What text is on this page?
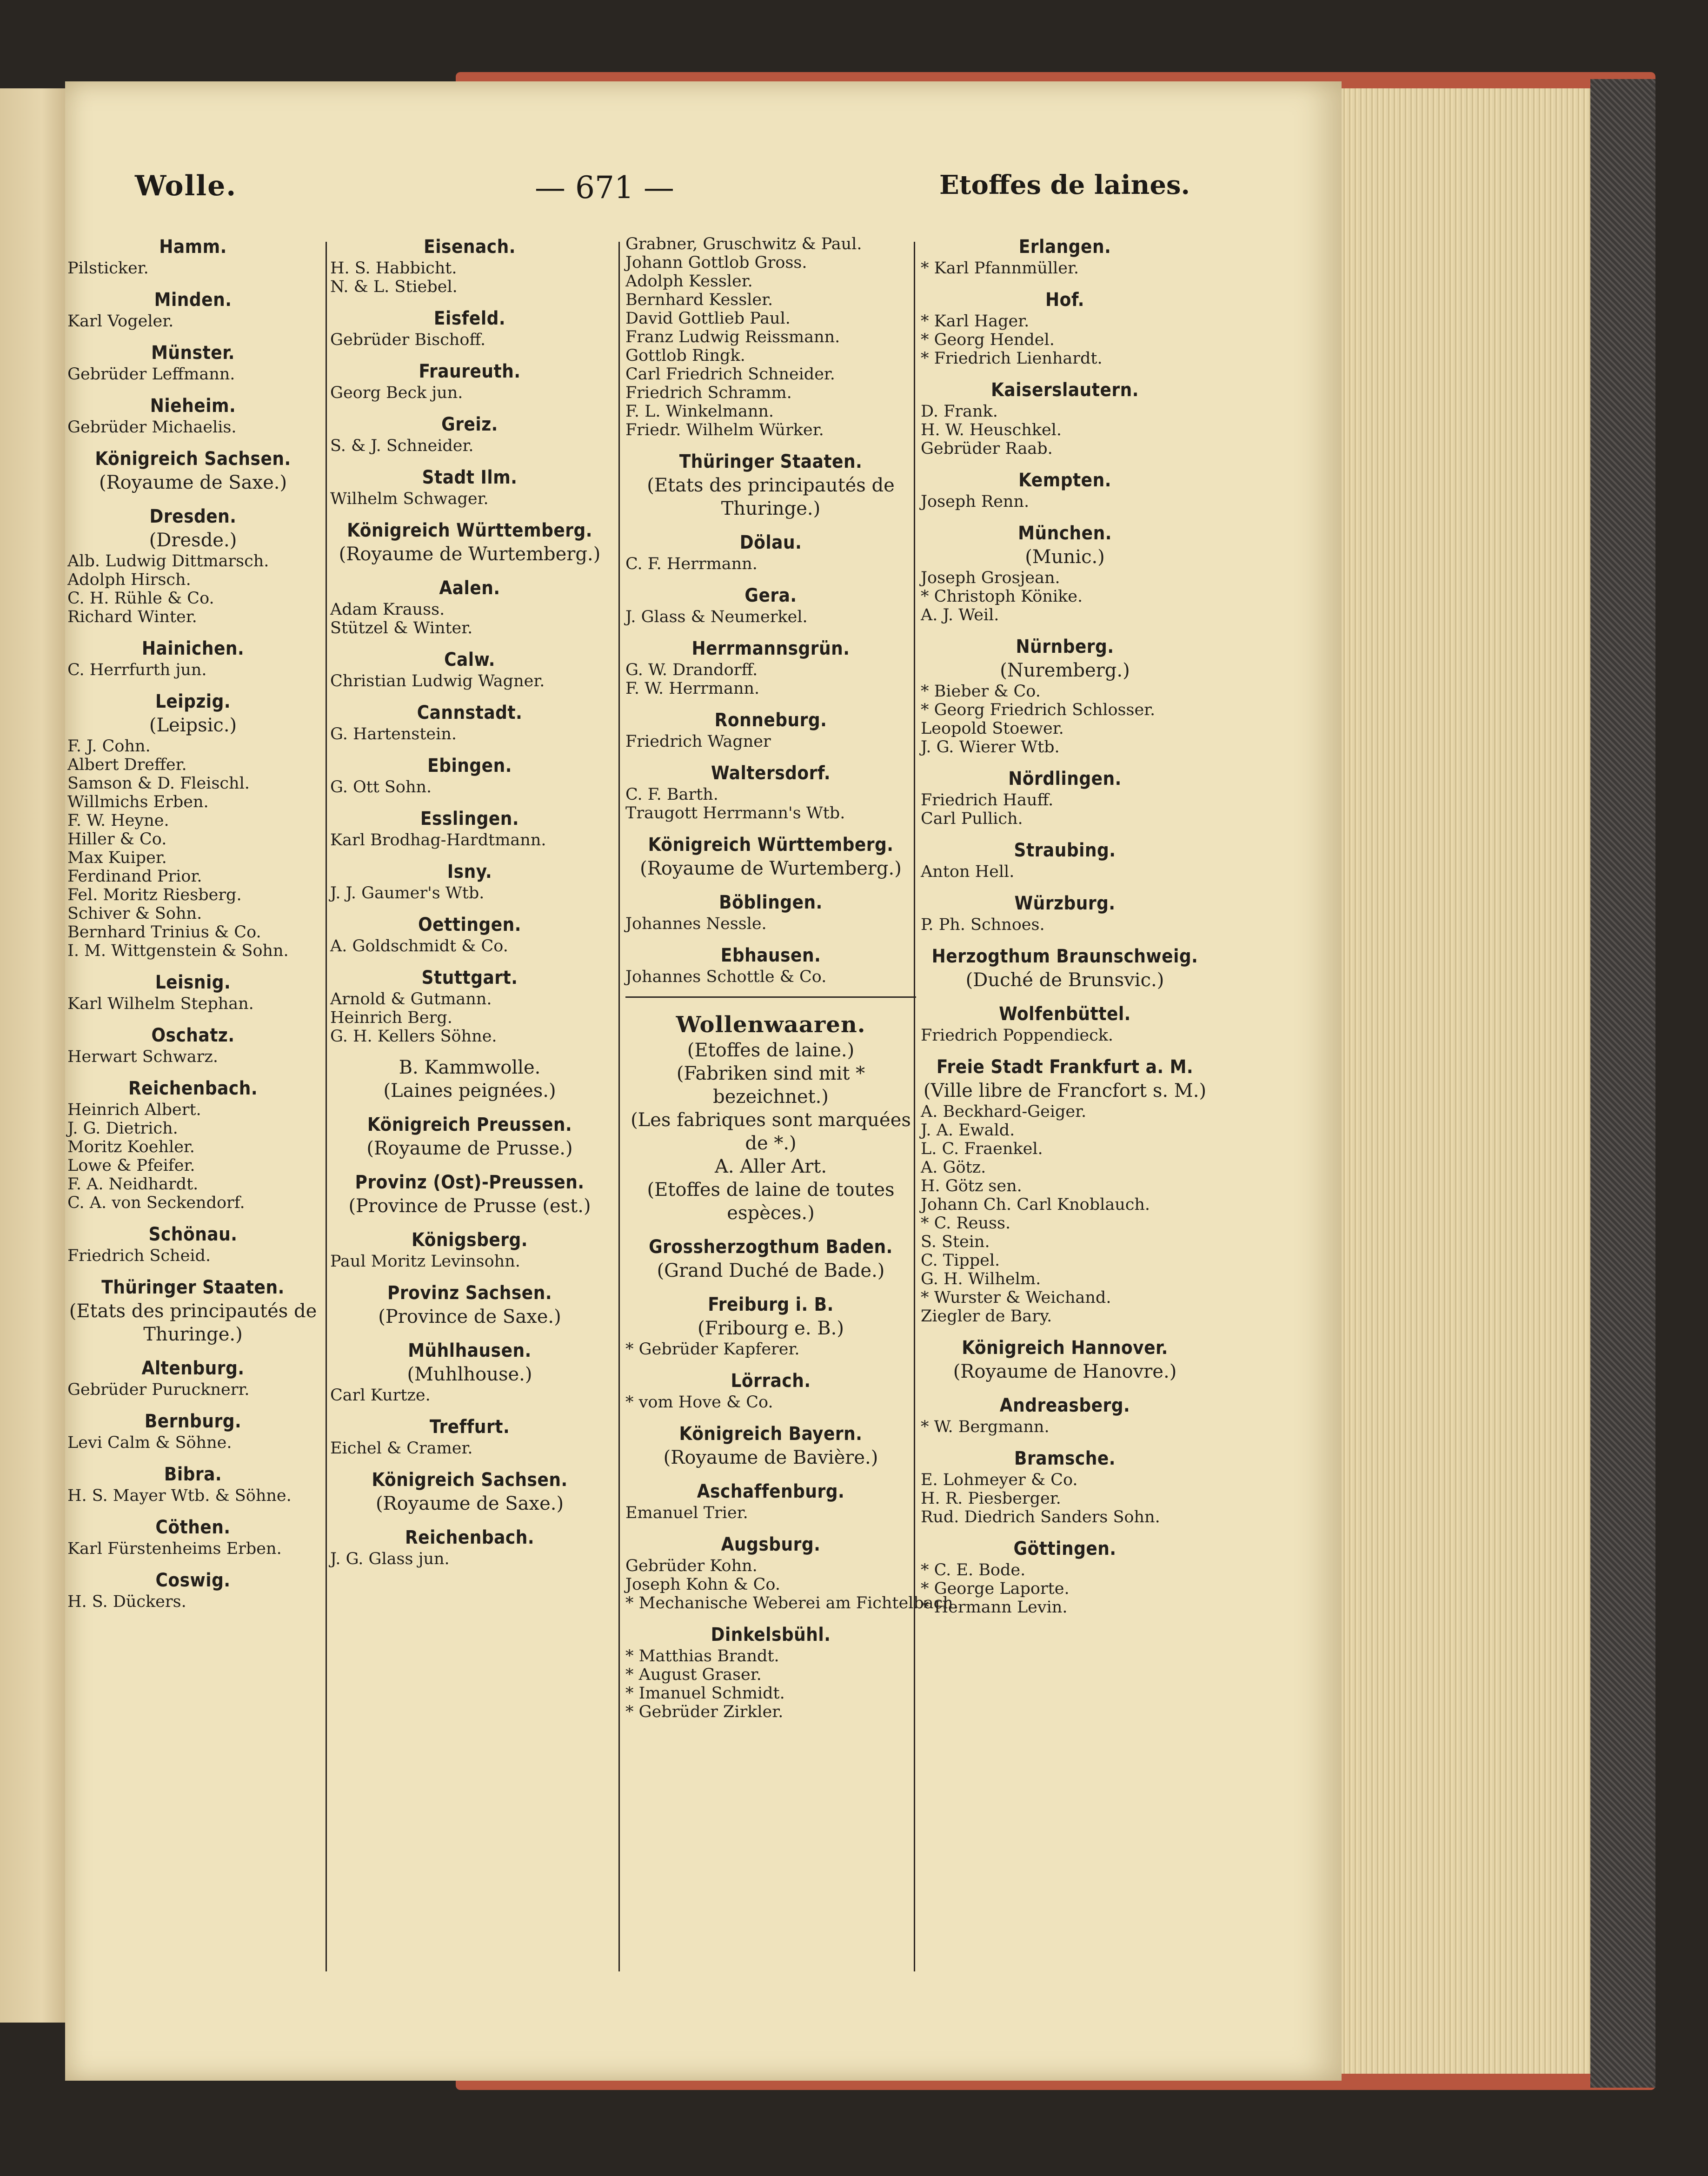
Wolle.	— 671 —	Etoffes de laines.
Hamm.
Pilsticker.
Minden.
Karl Vogeler.
Münster.
Gebrüder Leffmann.
Nieheim.
Gebrüder Michaelis.
Königreich Sachsen.
(Royaume de Saxe.)
Dresden.
(Dresde.)
Alb. Ludwig Dittmarsch.
Adolph Hirsch.
C. H. Rühle & Co.
Richard Winter.
Hainichen.
C. Herrfurth jun.
Leipzig.
(Leipsic.)
F. J. Cohn.
Albert Dreffer.
Samson & D. Fleischl.
Willmichs Erben.
F. W. Heyne.
Hiller & Co.
Max Kuiper.
Ferdinand Prior.
Fel. Moritz Riesberg.
Schiver & Sohn.
Bernhard Trinius & Co.
I. M. Wittgenstein & Sohn.
Leisnig.
Karl Wilhelm Stephan.
Oschatz.
Herwart Schwarz.
Reichenbach.
Heinrich Albert.
J. G. Dietrich.
Moritz Koehler.
Lowe & Pfeifer.
F. A. Neidhardt.
C. A. von Seckendorf.
Schönau.
Friedrich Scheid.
Thüringer Staaten.
(Etats des principautés de Thuringe.)
Altenburg.
Gebrüder Purucknerr.
Bernburg.
Levi Calm & Söhne.
Bibra.
H. S. Mayer Wtb. & Söhne.
Cöthen.
Karl Fürstenheims Erben.
Coswig.
H. S. Dückers.
Eisenach.
H. S. Habbicht.
N. & L. Stiebel.
Eisfeld.
Gebrüder Bischoff.
Fraureuth.
Georg Beck jun.
Greiz.
S. & J. Schneider.
Stadt Ilm.
Wilhelm Schwager.
Königreich Württemberg.
(Royaume de Wurtemberg.)
Aalen.
Adam Krauss.
Stützel & Winter.
Calw.
Christian Ludwig Wagner.
Cannstadt.
G. Hartenstein.
Ebingen.
G. Ott Sohn.
Esslingen.
Karl Brodhag-Hardtmann.
Isny.
J. J. Gaumer's Wtb.
Oettingen.
A. Goldschmidt & Co.
Stuttgart.
Arnold & Gutmann.
Heinrich Berg.
G. H. Kellers Söhne.
B. Kammwolle.
(Laines peignées.)
Königreich Preussen.
(Royaume de Prusse.)
Provinz (Ost)-Preussen.
(Province de Prusse (est.)
Königsberg.
Paul Moritz Levinsohn.
Provinz Sachsen.
(Province de Saxe.)
Mühlhausen.
(Muhlhouse.)
Carl Kurtze.
Treffurt.
Eichel & Cramer.
Königreich Sachsen.
(Royaume de Saxe.)
Reichenbach.
J. G. Glass jun.
Grabner, Gruschwitz & Paul.
Johann Gottlob Gross.
Adolph Kessler.
Bernhard Kessler.
David Gottlieb Paul.
Franz Ludwig Reissmann.
Gottlob Ringk.
Carl Friedrich Schneider.
Friedrich Schramm.
F. L. Winkelmann.
Friedr. Wilhelm Würker.
Thüringer Staaten.
(Etats des principautés de Thuringe.)
Dölau.
C. F. Herrmann.
Gera.
J. Glass & Neumerkel.
Herrmannsgrün.
G. W. Drandorff.
F. W. Herrmann.
Ronneburg.
Friedrich Wagner
Waltersdorf.
C. F. Barth.
Traugott Herrmann's Wtb.
Königreich Württemberg.
(Royaume de Wurtemberg.)
Böblingen.
Johannes Nessle.
Ebhausen.
Johannes Schottle & Co.
Wollenwaaren.
(Etoffes de laine.)
(Fabriken sind mit * bezeichnet.)
(Les fabriques sont marquées de *.)
A. Aller Art.
(Etoffes de laine de toutes espèces.)
Grossherzogthum Baden.
(Grand Duché de Bade.)
Freiburg i. B.
(Fribourg e. B.)
* Gebrüder Kapferer.
Lörrach.
* vom Hove & Co.
Königreich Bayern.
(Royaume de Bavière.)
Aschaffenburg.
Emanuel Trier.
Augsburg.
Gebrüder Kohn.
Joseph Kohn & Co.
* Mechanische Weberei am Fichtelbach.
Dinkelsbühl.
* Matthias Brandt.
* August Graser.
* Imanuel Schmidt.
* Gebrüder Zirkler.
Erlangen.
* Karl Pfannmüller.
Hof.
* Karl Hager.
* Georg Hendel.
* Friedrich Lienhardt.
Kaiserslautern.
D. Frank.
H. W. Heuschkel.
Gebrüder Raab.
Kempten.
Joseph Renn.
München.
(Munic.)
Joseph Grosjean.
* Christoph Könike.
A. J. Weil.
Nürnberg.
(Nuremberg.)
* Bieber & Co.
* Georg Friedrich Schlosser.
Leopold Stoewer.
J. G. Wierer Wtb.
Nördlingen.
Friedrich Hauff.
Carl Pullich.
Straubing.
Anton Hell.
Würzburg.
P. Ph. Schnoes.
Herzogthum Braunschweig.
(Duché de Brunsvic.)
Wolfenbüttel.
Friedrich Poppendieck.
Freie Stadt Frankfurt a. M.
(Ville libre de Francfort s. M.)
A. Beckhard-Geiger.
J. A. Ewald.
L. C. Fraenkel.
A. Götz.
H. Götz sen.
Johann Ch. Carl Knoblauch.
* C. Reuss.
S. Stein.
C. Tippel.
G. H. Wilhelm.
* Wurster & Weichand.
Ziegler de Bary.
Königreich Hannover.
(Royaume de Hanovre.)
Andreasberg.
* W. Bergmann.
Bramsche.
E. Lohmeyer & Co.
H. R. Piesberger.
Rud. Diedrich Sanders Sohn.
Göttingen.
* C. E. Bode.
* George Laporte.
* Hermann Levin.
